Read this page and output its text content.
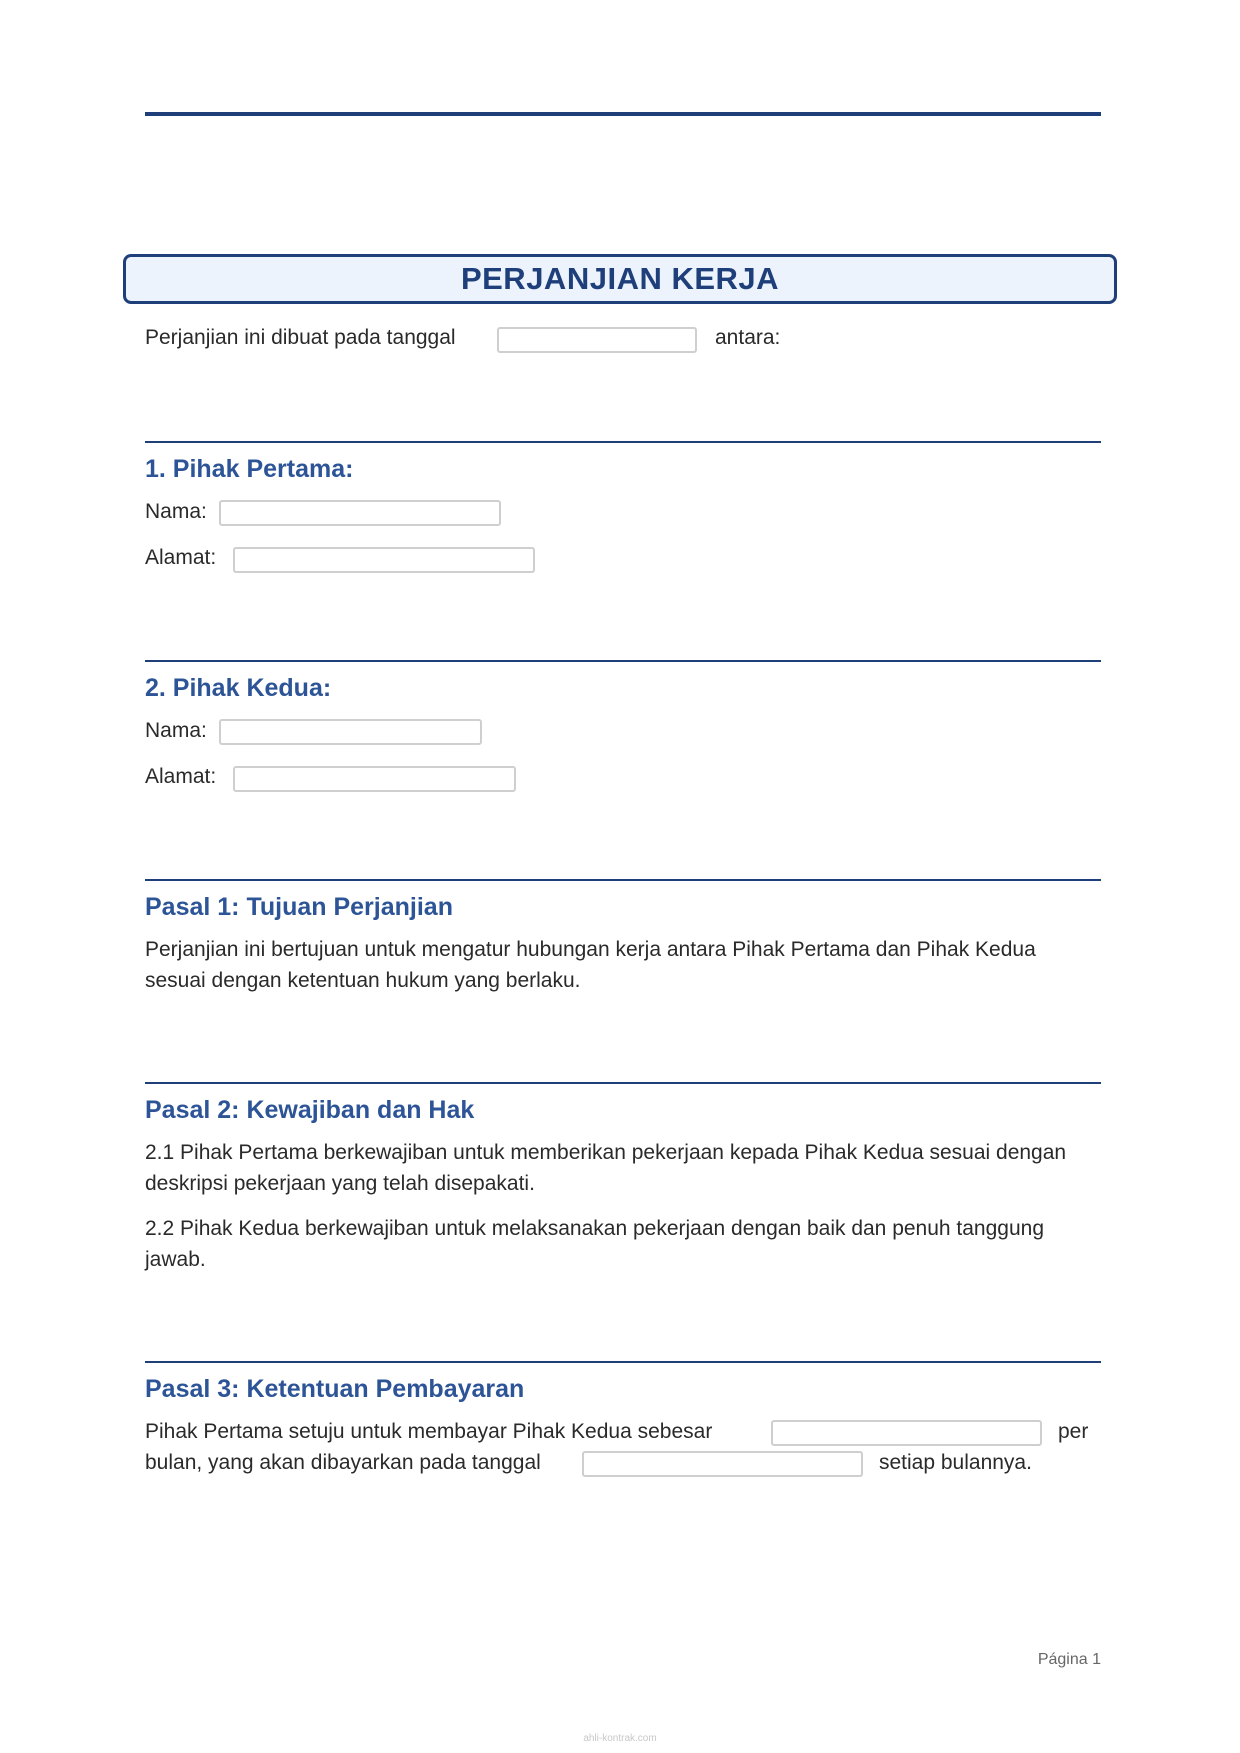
PERJANJIAN KERJA
Perjanjian ini dibuat pada tanggal	antara:
1. Pihak Pertama:
Nama:
Alamat:
2. Pihak Kedua:
Nama:
Alamat:
Pasal 1: Tujuan Perjanjian

Perjanjian ini bertujuan untuk mengatur hubungan kerja antara Pihak Pertama dan Pihak Kedua sesuai dengan ketentuan hukum yang berlaku.

Pasal 2: Kewajiban dan Hak

2.1 Pihak Pertama berkewajiban untuk memberikan pekerjaan kepada Pihak Kedua sesuai dengan deskripsi pekerjaan yang telah disepakati.

2.2 Pihak Kedua berkewajiban untuk melaksanakan pekerjaan dengan baik dan penuh tanggung jawab.

Pasal 3: Ketentuan Pembayaran
Pihak Pertama setuju untuk membayar Pihak Kedua sebesar	per
bulan, yang akan dibayarkan pada tanggal	setiap bulannya.
Página 1
ahli-kontrak.com
